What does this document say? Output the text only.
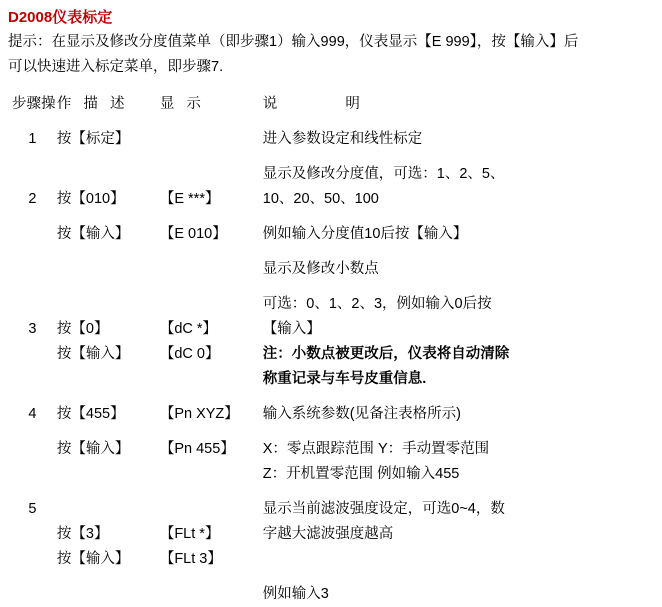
D2008仪表标定
提示：在显示及修改分度值菜单（即步骤1）输入999，仪表显示【E 999】，按【输入】后
可以快速进入标定菜单，即步骤7.
步骤操	作 描 述	显 示	说 明

1	按【标定】		进入参数设定和线性标定

			显示及修改分度值，可选：1、2、5、
2	按【010】	【E ***】	10、20、50、100

	按【输入】	【E 010】	例如输入分度值10后按【输入】

			显示及修改小数点

			可选：0、1、2、3，例如输入0后按
3	按【0】	【dC *】	【输入】
	按【输入】	【dC 0】	注：小数点被更改后，仪表将自动清除
			称重记录与车号皮重信息.

4	按【455】	【Pn XYZ】	输入系统参数(见备注表格所示)

	按【输入】	【Pn 455】	X：零点跟踪范围 Y：手动置零范围
			Z：开机置零范围 例如输入455

5			显示当前滤波强度设定，可选0~4，数
	按【3】	【FLt *】	字越大滤波强度越高
	按【输入】	【FLt 3】	

			例如输入3
